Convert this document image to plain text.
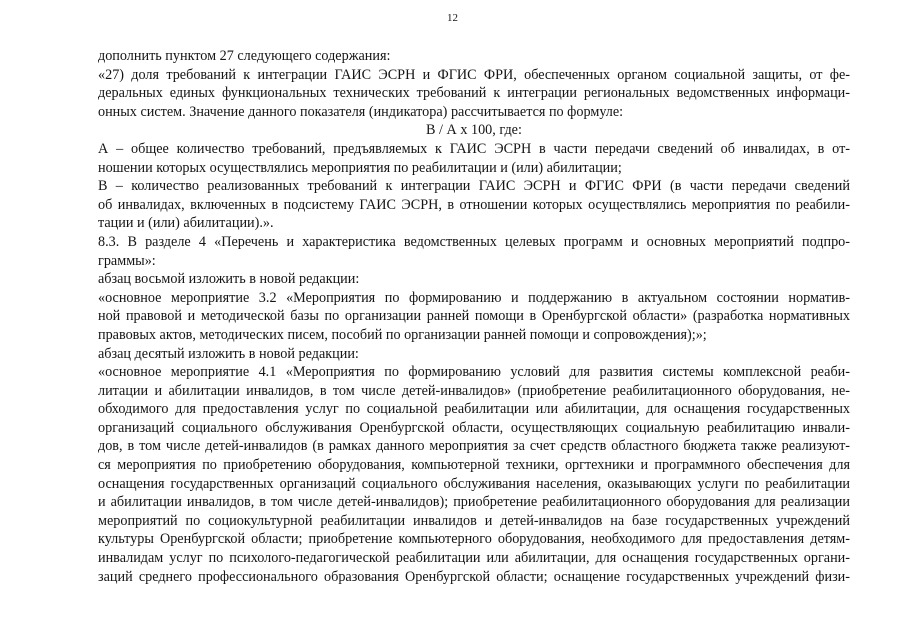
12
дополнить пунктом 27 следующего содержания:
«27) доля требований к интеграции ГАИС ЭСРН и ФГИС ФРИ, обеспеченных органом социальной защиты, от фе-
деральных единых функциональных технических требований к интеграции региональных ведомственных информаци-
онных систем. Значение данного показателя (индикатора) рассчитывается по формуле:
В / А х 100, где:
А – общее количество требований, предъявляемых к ГАИС ЭСРН в части передачи сведений об инвалидах, в от-
ношении которых осуществлялись мероприятия по реабилитации и (или) абилитации;
В – количество реализованных требований к интеграции ГАИС ЭСРН и ФГИС ФРИ (в части передачи сведений
об инвалидах, включенных в подсистему ГАИС ЭСРН, в отношении которых осуществлялись мероприятия по реабили-
тации и (или) абилитации).».
8.3. В разделе 4 «Перечень и характеристика ведомственных целевых программ и основных мероприятий подпро-
граммы»:
абзац восьмой изложить в новой редакции:
«основное мероприятие 3.2 «Мероприятия по формированию и поддержанию в актуальном состоянии норматив-
ной правовой и методической базы по организации ранней помощи в Оренбургской области» (разработка нормативных
правовых актов, методических писем, пособий по организации ранней помощи и сопровождения);»;
абзац десятый изложить в новой редакции:
«основное мероприятие 4.1 «Мероприятия по формированию условий для развития системы комплексной реаби-
литации и абилитации инвалидов, в том числе детей-инвалидов» (приобретение реабилитационного оборудования, не-
обходимого для предоставления услуг по социальной реабилитации или абилитации, для оснащения государственных
организаций социального обслуживания Оренбургской области, осуществляющих социальную реабилитацию инвали-
дов, в том числе детей-инвалидов (в рамках данного мероприятия за счет средств областного бюджета также реализуют-
ся мероприятия по приобретению оборудования, компьютерной техники, оргтехники и программного обеспечения для
оснащения государственных организаций социального обслуживания населения, оказывающих услуги по реабилитации
и абилитации инвалидов, в том числе детей-инвалидов); приобретение реабилитационного оборудования для реализации
мероприятий по социокультурной реабилитации инвалидов и детей-инвалидов на базе государственных учреждений
культуры Оренбургской области; приобретение компьютерного оборудования, необходимого для предоставления детям-
инвалидам услуг по психолого-педагогической реабилитации или абилитации, для оснащения государственных органи-
заций среднего профессионального образования Оренбургской области; оснащение государственных учреждений физи-
